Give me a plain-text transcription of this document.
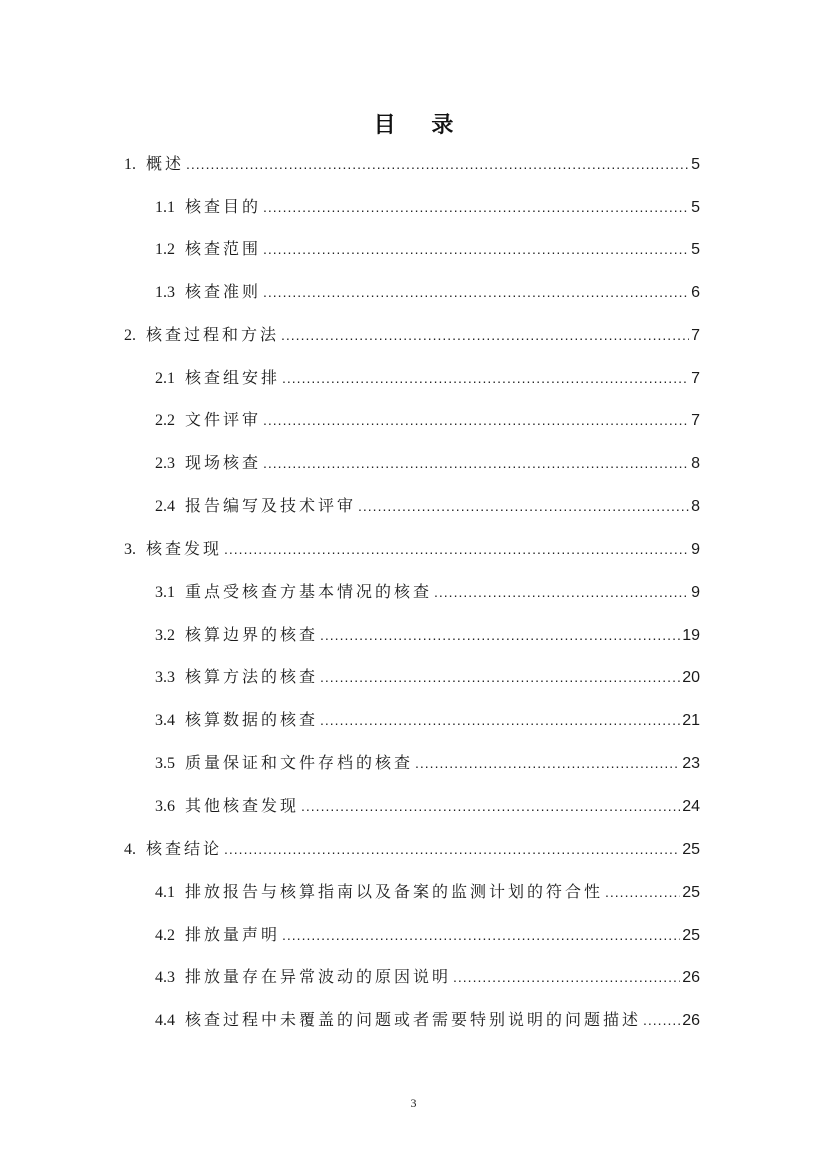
目 录
1. 概述 .....	5
1.1 核查目的 .....	5
1.2 核查范围 .....	5
1.3 核查准则 .....	6
2. 核查过程和方法 .....	7
2.1 核查组安排 .....	7
2.2 文件评审 .....	7
2.3 现场核查 .....	8
2.4 报告编写及技术评审 .....	8
3. 核查发现 .....	9
3.1 重点受核查方基本情况的核查 .....	9
3.2 核算边界的核查 .....	19
3.3 核算方法的核查 .....	20
3.4 核算数据的核查 .....	21
3.5 质量保证和文件存档的核查 .....	23
3.6 其他核查发现 .....	24
4. 核查结论 .....	25
4.1 排放报告与核算指南以及备案的监测计划的符合性 .....	25
4.2 排放量声明 .....	25
4.3 排放量存在异常波动的原因说明 .....	26
4.4 核查过程中未覆盖的问题或者需要特别说明的问题描述 .....	26
3
